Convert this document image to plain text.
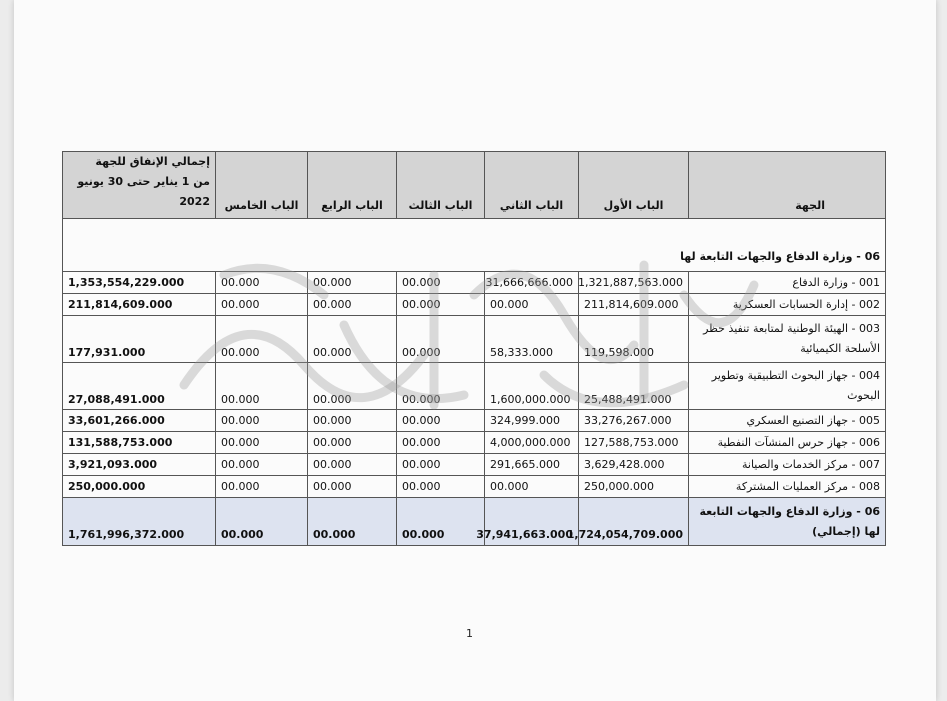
الجهة	الباب الأول	الباب الثاني	الباب الثالث	الباب الرابع	الباب الخامس	إجمالي الإنفاق للجهة
من 1 يناير حتى 30 يونيو 2022

06 - وزارة الدفاع والجهات التابعة لها						
001 - وزارة الدفاع	1,321,887,563.000	31,666,666.000	00.000	00.000	00.000	1,353,554,229.000
002 - إدارة الحسابات العسكرية	211,814,609.000	00.000	00.000	00.000	00.000	211,814,609.000
003 - الهيئة الوطنية لمتابعة تنفيذ حظر الأسلحة الكيميائية	119,598.000	58,333.000	00.000	00.000	00.000	177,931.000
004 - جهاز البحوث التطبيقية وتطوير البحوث	25,488,491.000	1,600,000.000	00.000	00.000	00.000	27,088,491.000
005 - جهاز التصنيع العسكري	33,276,267.000	324,999.000	00.000	00.000	00.000	33,601,266.000
006 - جهاز حرس المنشآت النفطية	127,588,753.000	4,000,000.000	00.000	00.000	00.000	131,588,753.000
007 - مركز الخدمات والصيانة	3,629,428.000	291,665.000	00.000	00.000	00.000	3,921,093.000
008 - مركز العمليات المشتركة	250,000.000	00.000	00.000	00.000	00.000	250,000.000
06 - وزارة الدفاع والجهات التابعة لها (إجمالي)	1,724,054,709.000	37,941,663.000	00.000	00.000	00.000	1,761,996,372.000
1
